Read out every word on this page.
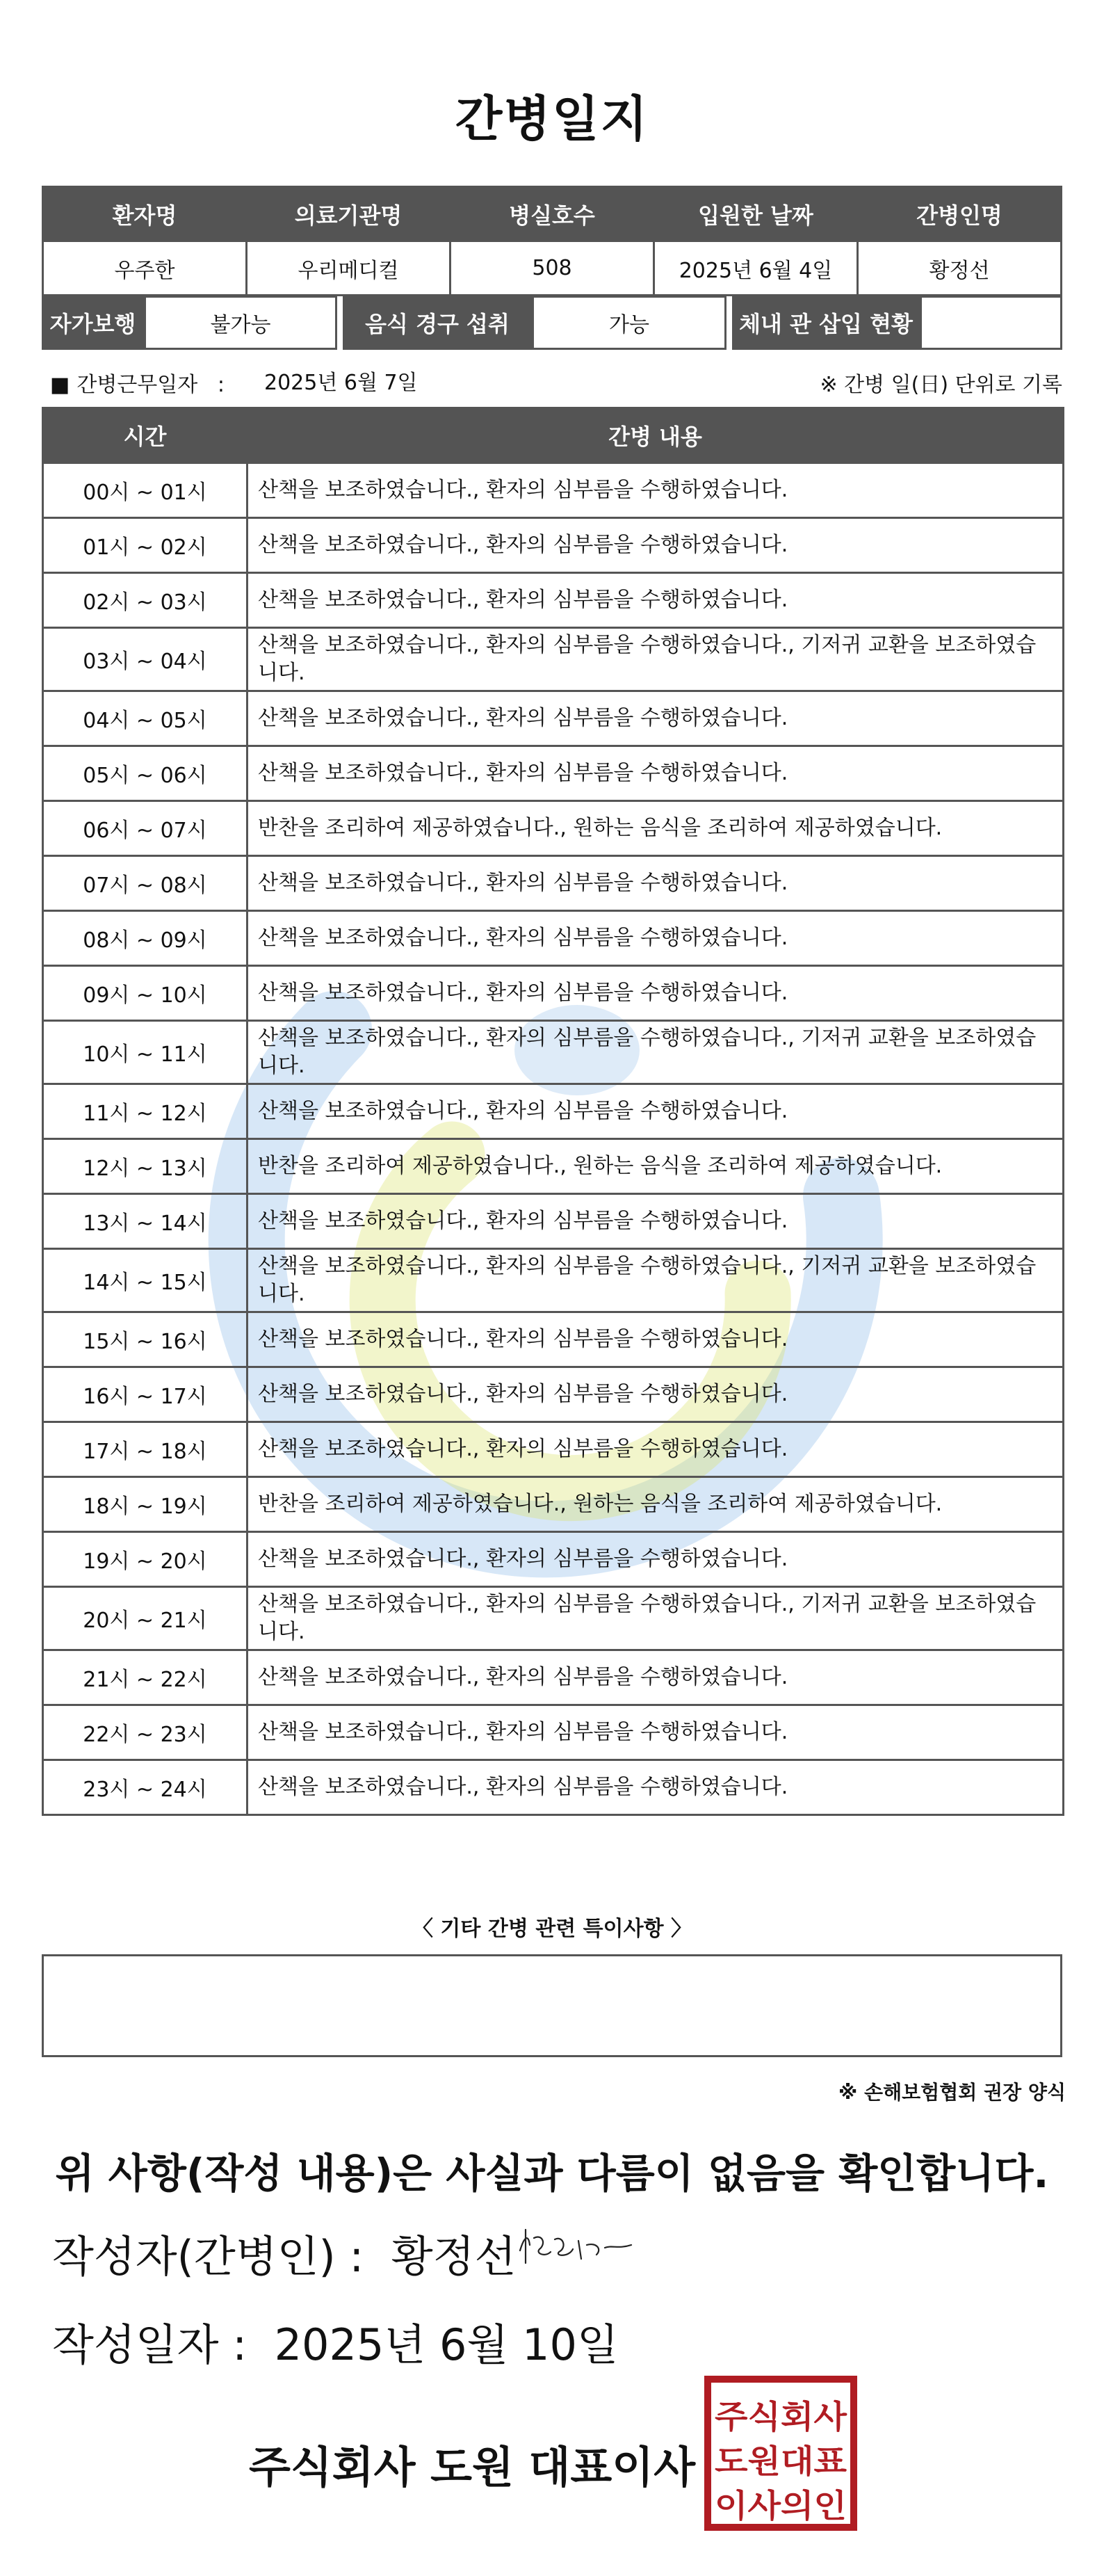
간병일지
환자명	의료기관명	병실호수	입원한 날짜	간병인명
우주한	우리메디컬	508	2025년 6월 4일	황정선
자가보행	불가능	음식 경구 섭취	가능	체내 관 삽입 현황
■ 간병근무일자 : 2025년 6월 7일	※ 간병 일(日) 단위로 기록
시간	간병 내용
00시 ~ 01시	산책을 보조하였습니다., 환자의 심부름을 수행하였습니다.
01시 ~ 02시	산책을 보조하였습니다., 환자의 심부름을 수행하였습니다.
02시 ~ 03시	산책을 보조하였습니다., 환자의 심부름을 수행하였습니다.
03시 ~ 04시	산책을 보조하였습니다., 환자의 심부름을 수행하였습니다., 기저귀 교환을 보조하였습니다.
04시 ~ 05시	산책을 보조하였습니다., 환자의 심부름을 수행하였습니다.
05시 ~ 06시	산책을 보조하였습니다., 환자의 심부름을 수행하였습니다.
06시 ~ 07시	반찬을 조리하여 제공하였습니다., 원하는 음식을 조리하여 제공하였습니다.
07시 ~ 08시	산책을 보조하였습니다., 환자의 심부름을 수행하였습니다.
08시 ~ 09시	산책을 보조하였습니다., 환자의 심부름을 수행하였습니다.
09시 ~ 10시	산책을 보조하였습니다., 환자의 심부름을 수행하였습니다.
10시 ~ 11시	산책을 보조하였습니다., 환자의 심부름을 수행하였습니다., 기저귀 교환을 보조하였습니다.
11시 ~ 12시	산책을 보조하였습니다., 환자의 심부름을 수행하였습니다.
12시 ~ 13시	반찬을 조리하여 제공하였습니다., 원하는 음식을 조리하여 제공하였습니다.
13시 ~ 14시	산책을 보조하였습니다., 환자의 심부름을 수행하였습니다.
14시 ~ 15시	산책을 보조하였습니다., 환자의 심부름을 수행하였습니다., 기저귀 교환을 보조하였습니다.
15시 ~ 16시	산책을 보조하였습니다., 환자의 심부름을 수행하였습니다.
16시 ~ 17시	산책을 보조하였습니다., 환자의 심부름을 수행하였습니다.
17시 ~ 18시	산책을 보조하였습니다., 환자의 심부름을 수행하였습니다.
18시 ~ 19시	반찬을 조리하여 제공하였습니다., 원하는 음식을 조리하여 제공하였습니다.
19시 ~ 20시	산책을 보조하였습니다., 환자의 심부름을 수행하였습니다.
20시 ~ 21시	산책을 보조하였습니다., 환자의 심부름을 수행하였습니다., 기저귀 교환을 보조하였습니다.
21시 ~ 22시	산책을 보조하였습니다., 환자의 심부름을 수행하였습니다.
22시 ~ 23시	산책을 보조하였습니다., 환자의 심부름을 수행하였습니다.
23시 ~ 24시	산책을 보조하였습니다., 환자의 심부름을 수행하였습니다.
〈 기타 간병 관련 특이사항 〉
※ 손해보험협회 권장 양식
위 사항(작성 내용)은 사실과 다름이 없음을 확인합니다.
작성자(간병인) : 황정선
작성일자 : 2025년 6월 10일
주식회사 도원 대표이사
주식회사
도원대표
이사의인
